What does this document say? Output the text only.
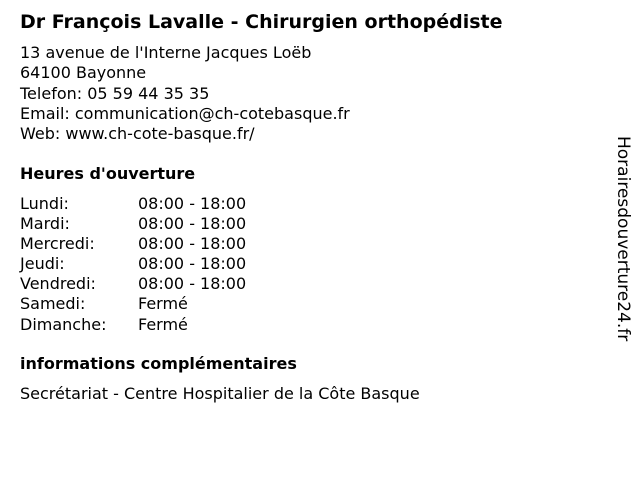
Dr François Lavalle - Chirurgien orthopédiste
13 avenue de l'Interne Jacques Loëb
64100 Bayonne
Telefon: 05 59 44 35 35
Email: communication@ch-cotebasque.fr
Web: www.ch-cote-basque.fr/
Heures d'ouverture
Lundi:	08:00 - 18:00
Mardi:	08:00 - 18:00
Mercredi:	08:00 - 18:00
Jeudi:	08:00 - 18:00
Vendredi:	08:00 - 18:00
Samedi:	Fermé
Dimanche:	Fermé
informations complémentaires
Secrétariat - Centre Hospitalier de la Côte Basque
Horairesdouverture24.fr
